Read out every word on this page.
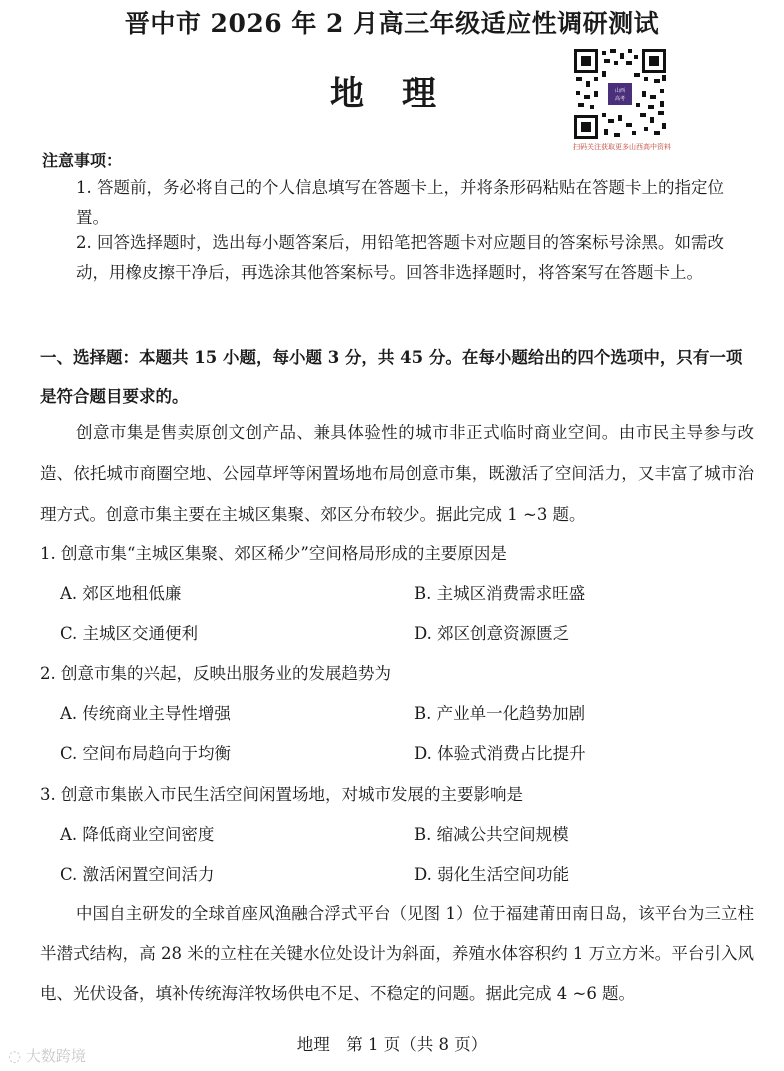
晋中市 2026 年 2 月高三年级适应性调研测试
地理	山西
高考
扫码关注获取更多山西高中资料
注意事项：
1. 答题前，务必将自己的个人信息填写在答题卡上，并将条形码粘贴在答题卡上的指定位置。
2. 回答选择题时，选出每小题答案后，用铅笔把答题卡对应题目的答案标号涂黑。如需改动，用橡皮擦干净后，再选涂其他答案标号。回答非选择题时，将答案写在答题卡上。
一、选择题：本题共 15 小题，每小题 3 分，共 45 分。在每小题给出的四个选项中，只有一项是符合题目要求的。
创意市集是售卖原创文创产品、兼具体验性的城市非正式临时商业空间。由市民主导参与改造、依托城市商圈空地、公园草坪等闲置场地布局创意市集，既激活了空间活力，又丰富了城市治理方式。创意市集主要在主城区集聚、郊区分布较少。据此完成 1 ~3 题。
1. 创意市集“主城区集聚、郊区稀少”空间格局形成的主要原因是
A. 郊区地租低廉	B. 主城区消费需求旺盛
C. 主城区交通便利	D. 郊区创意资源匮乏
2. 创意市集的兴起，反映出服务业的发展趋势为
A. 传统商业主导性增强	B. 产业单一化趋势加剧
C. 空间布局趋向于均衡	D. 体验式消费占比提升
3. 创意市集嵌入市民生活空间闲置场地，对城市发展的主要影响是
A. 降低商业空间密度	B. 缩减公共空间规模
C. 激活闲置空间活力	D. 弱化生活空间功能
中国自主研发的全球首座风渔融合浮式平台（见图 1）位于福建莆田南日岛，该平台为三立柱半潜式结构，高 28 米的立柱在关键水位处设计为斜面，养殖水体容积约 1 万立方米。平台引入风电、光伏设备，填补传统海洋牧场供电不足、不稳定的问题。据此完成 4 ~6 题。
地理　第 1 页（共 8 页）
◌ 大数跨境
